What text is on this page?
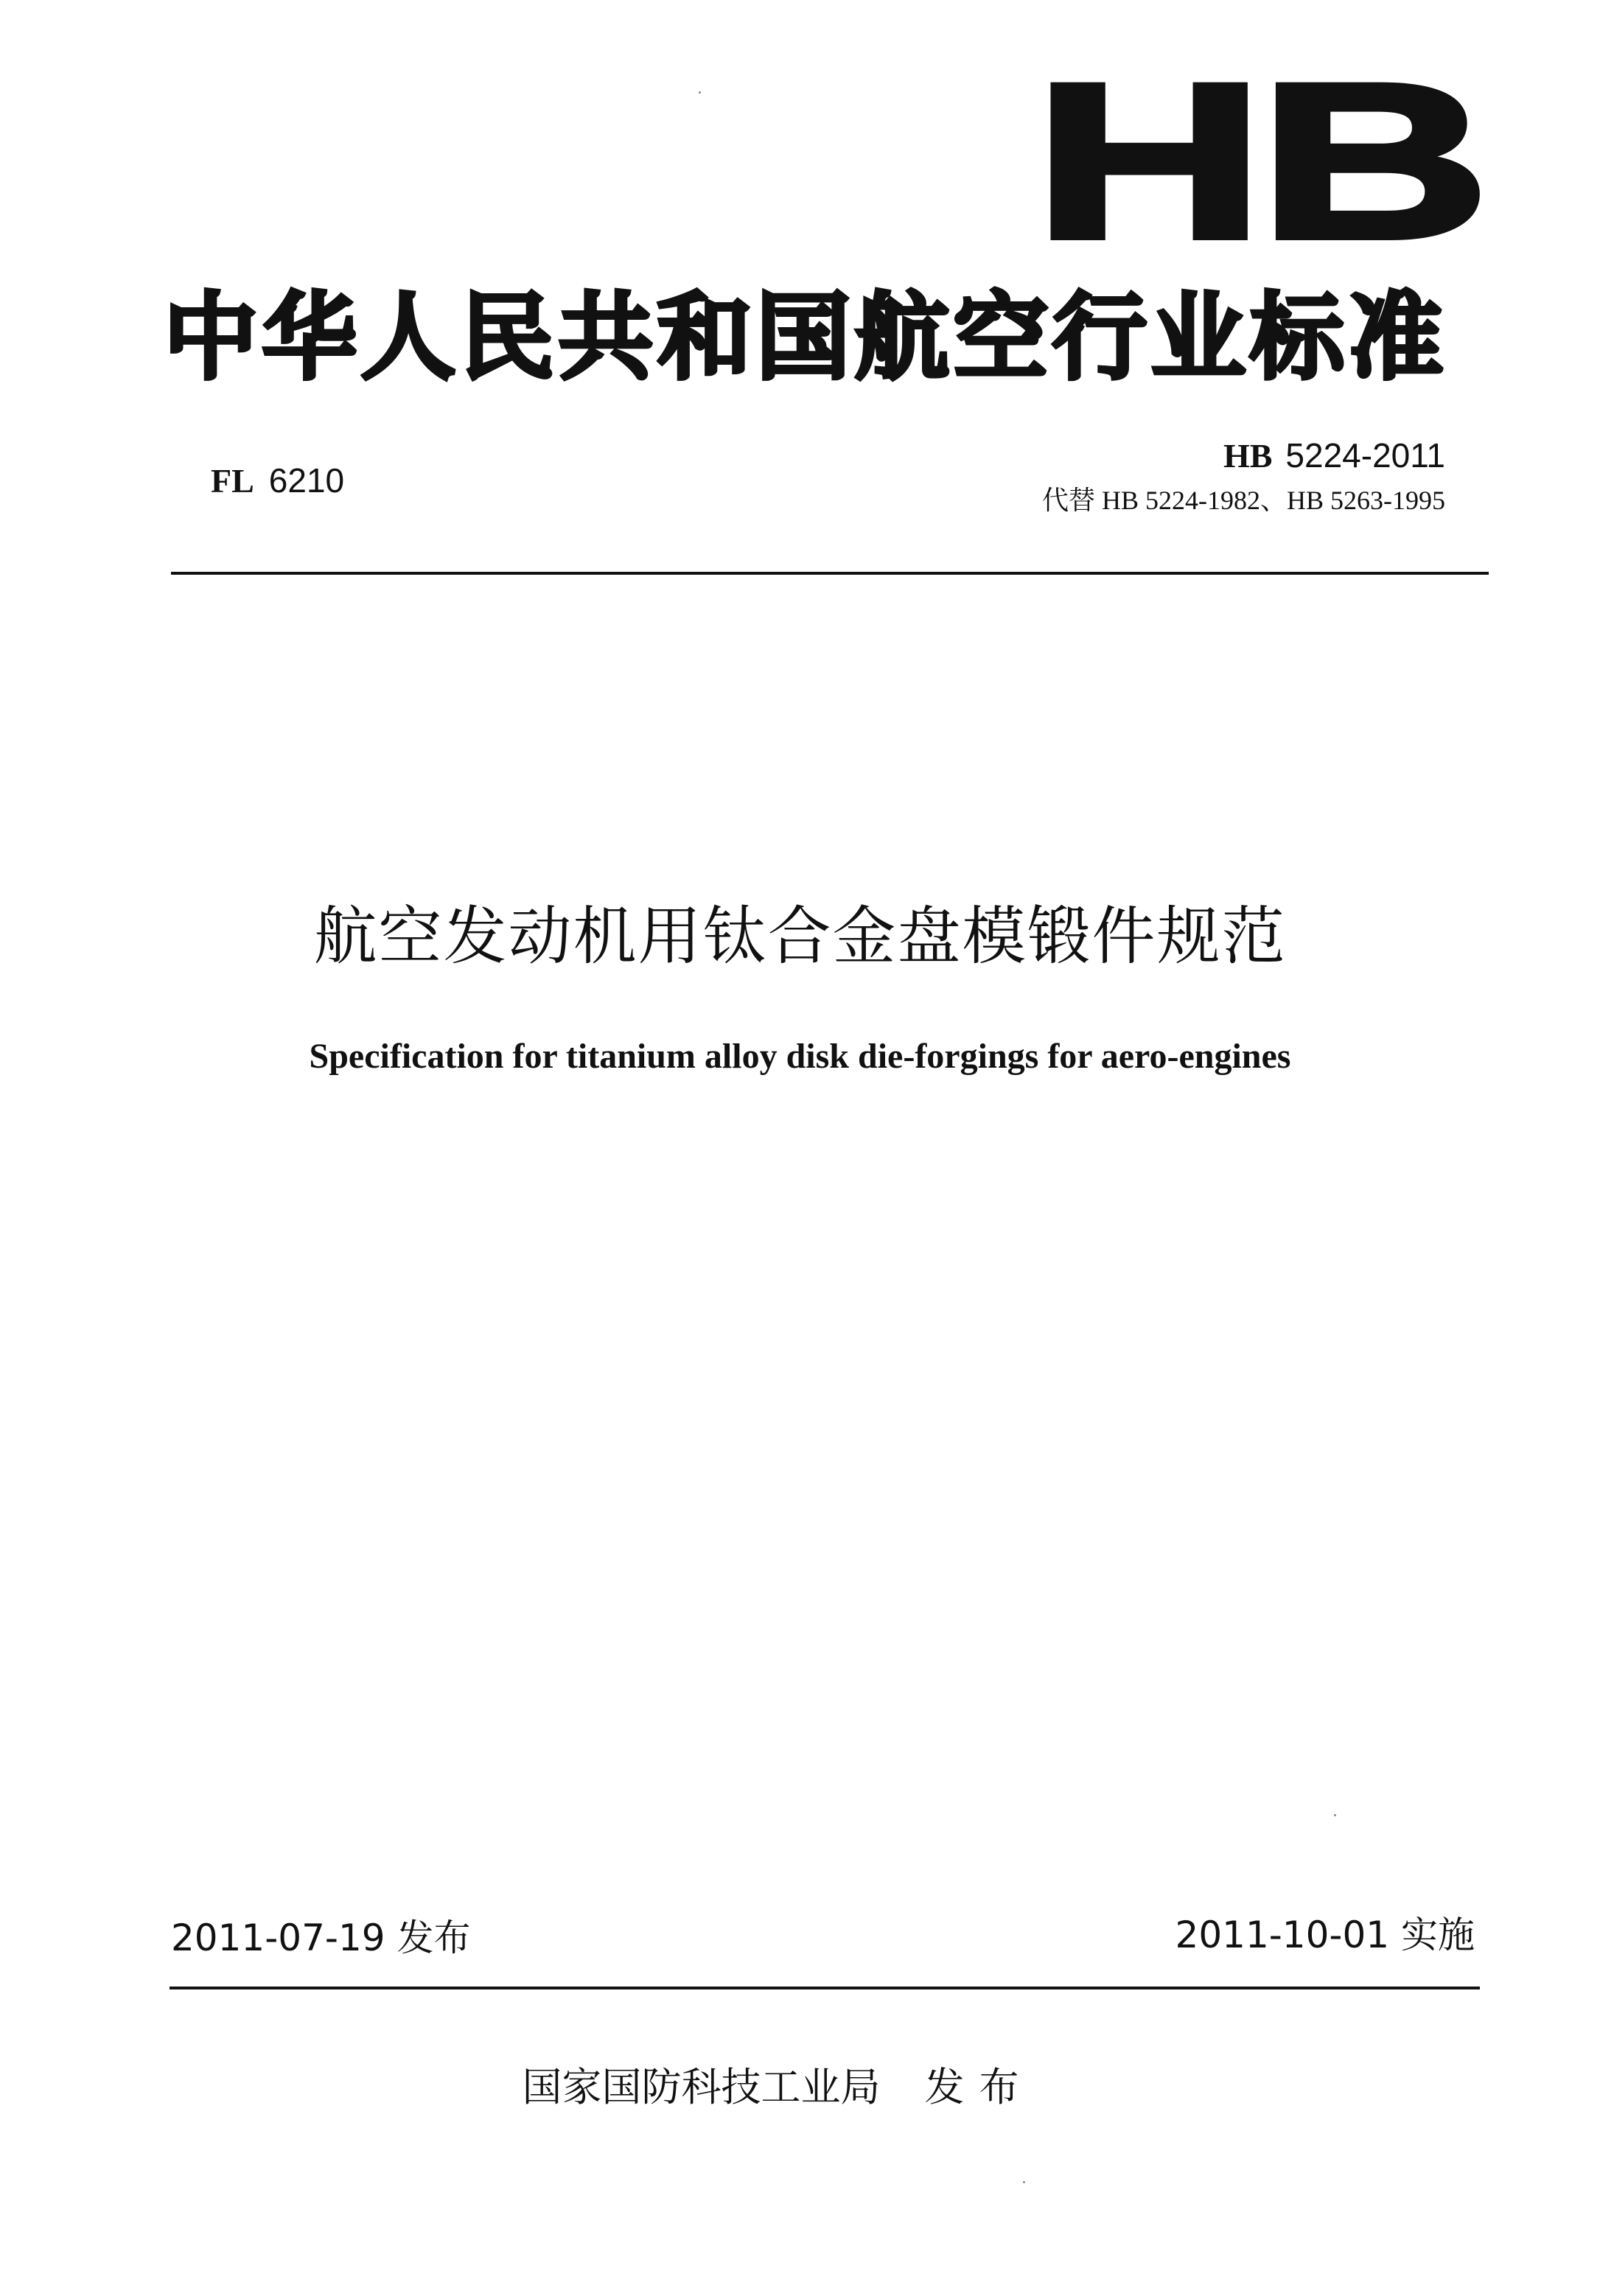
HB
中华人民共和国航空行业标准
FL 6210
HB 5224-2011
代替 HB 5224-1982、HB 5263-1995
航空发动机用钛合金盘模锻件规范
Specification for titanium alloy disk die-forgings for aero-engines
2011-07-19 发布	2011-10-01 实施
国家国防科技工业局 发布
